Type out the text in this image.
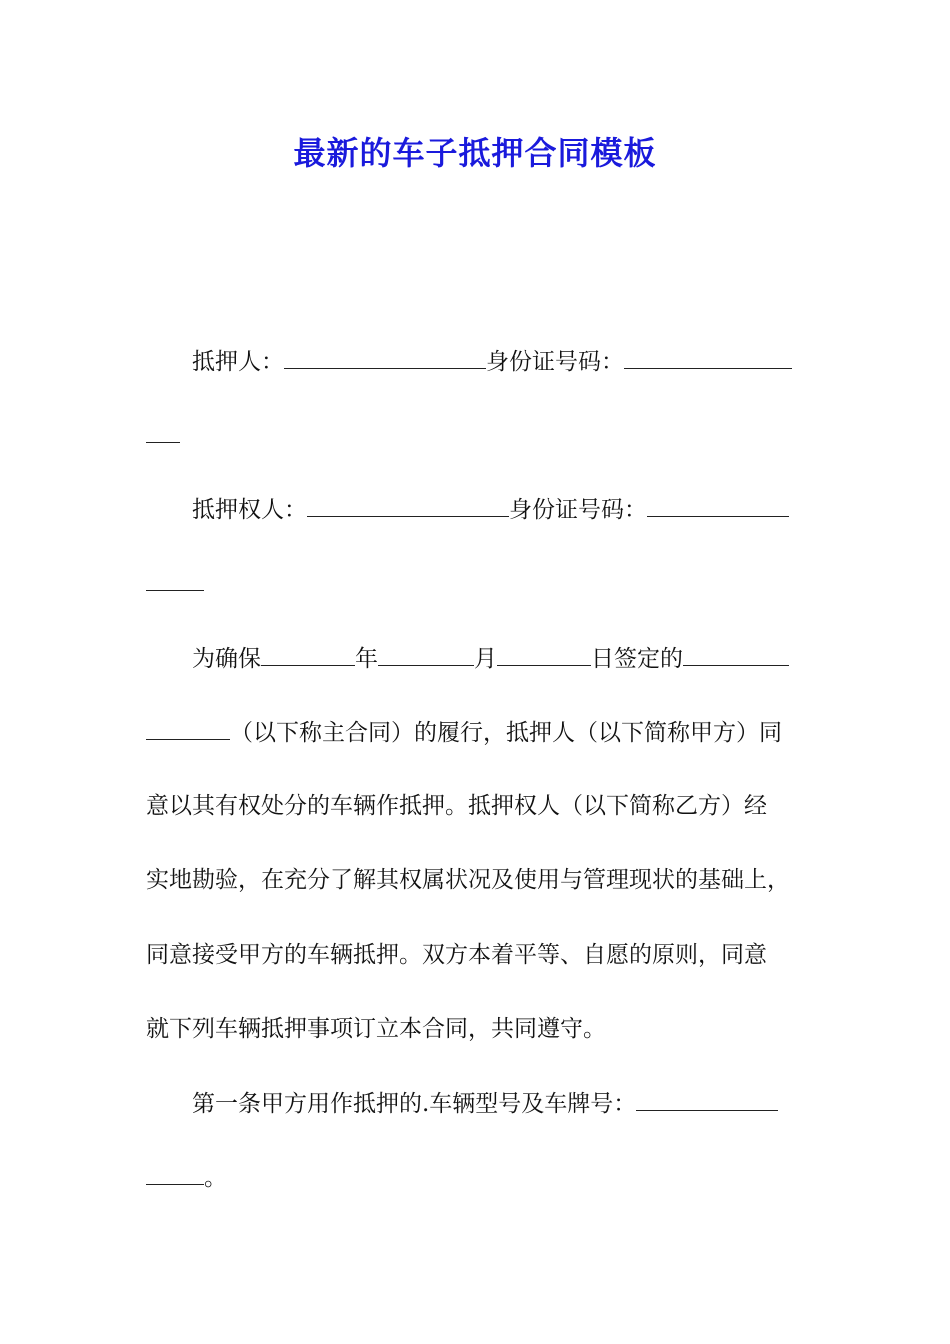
最新的车子抵押合同模板
抵押人：	身份证号码：
抵押权人：	身份证号码：
为确保	年	月	日签定的
（以下称主合同）的履行，抵押人（以下简称甲方）同
意以其有权处分的车辆作抵押。抵押权人（以下简称乙方）经
实地勘验，在充分了解其权属状况及使用与管理现状的基础上，
同意接受甲方的车辆抵押。双方本着平等、自愿的原则，同意
就下列车辆抵押事项订立本合同，共同遵守。
第一条甲方用作抵押的.车辆型号及车牌号：
。
